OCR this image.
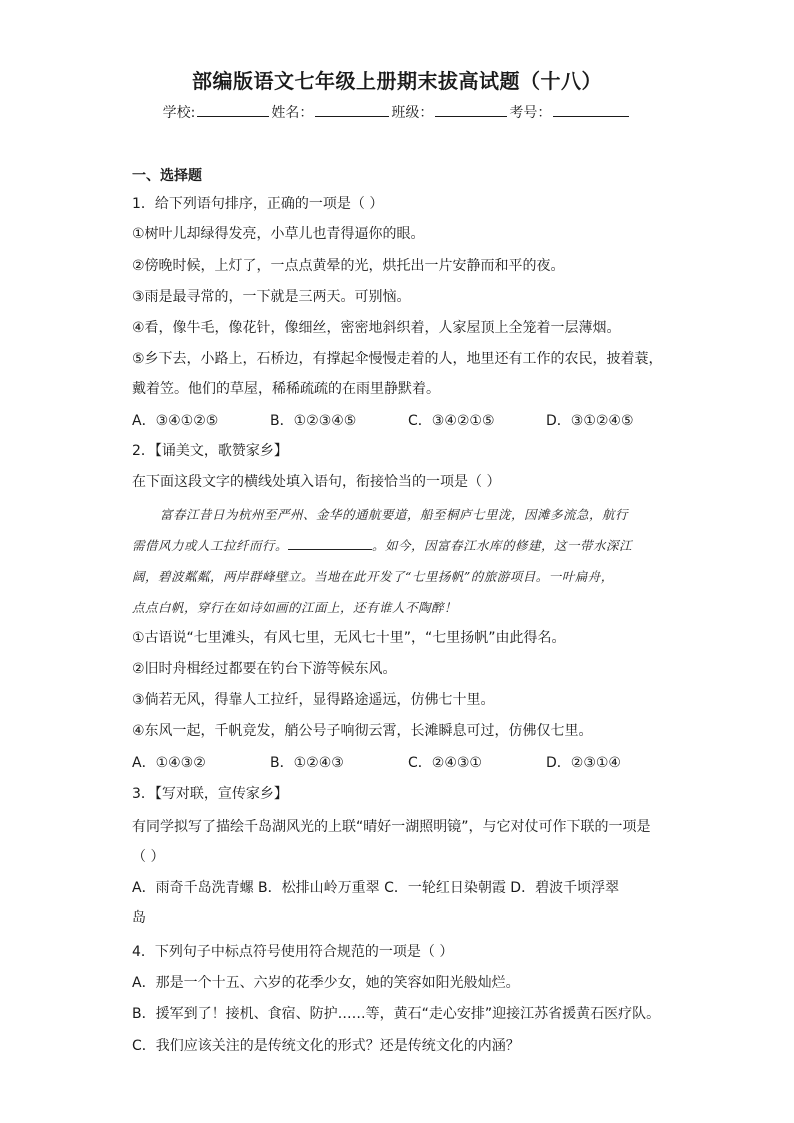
部编版语文七年级上册期末拔高试题（十八）
学校:	姓名：	班级：	考号：
一、选择题
1．给下列语句排序，正确的一项是（ ）
①树叶儿却绿得发亮，小草儿也青得逼你的眼。
②傍晚时候，上灯了，一点点黄晕的光，烘托出一片安静而和平的夜。
③雨是最寻常的，一下就是三两天。可别恼。
④看，像牛毛，像花针，像细丝，密密地斜织着，人家屋顶上全笼着一层薄烟。
⑤乡下去，小路上，石桥边，有撑起伞慢慢走着的人，地里还有工作的农民，披着蓑，
戴着笠。他们的草屋，稀稀疏疏的在雨里静默着。
A．③④①②⑤	B．①②③④⑤	C．③④②①⑤	D．③①②④⑤
2．【诵美文，歌赞家乡】
在下面这段文字的横线处填入语句，衔接恰当的一项是（ ）
富春江昔日为杭州至严州、金华的通航要道，船至桐庐七里泷，因滩多流急，航行
需借风力或人工拉纤而行。	。如今，因富春江水库的修建，这一带水深江
阔，碧波粼粼，两岸群峰壁立。当地在此开发了“七里扬帆”的旅游项目。一叶扁舟，
点点白帆，穿行在如诗如画的江面上，还有谁人不陶醉！
①古语说“七里滩头，有风七里，无风七十里”，“七里扬帆”由此得名。
②旧时舟楫经过都要在钓台下游等候东风。
③倘若无风，得靠人工拉纤，显得路途遥远，仿佛七十里。
④东风一起，千帆竞发，艄公号子响彻云霄，长滩瞬息可过，仿佛仅七里。
A．①④③②	B．①②④③	C．②④③①	D．②③①④
3．【写对联，宣传家乡】
有同学拟写了描绘千岛湖风光的上联“晴好一湖照明镜”，与它对仗可作下联的一项是
（ ）
A．雨奇千岛洗青螺 B．松排山岭万重翠 C．一轮红日染朝霞 D．碧波千顷浮翠
岛
4．下列句子中标点符号使用符合规范的一项是（ ）
A．那是一个十五、六岁的花季少女，她的笑容如阳光般灿烂。
B．援军到了！接机、食宿、防护……等，黄石“走心安排”迎接江苏省援黄石医疗队。
C．我们应该关注的是传统文化的形式？还是传统文化的内涵？
